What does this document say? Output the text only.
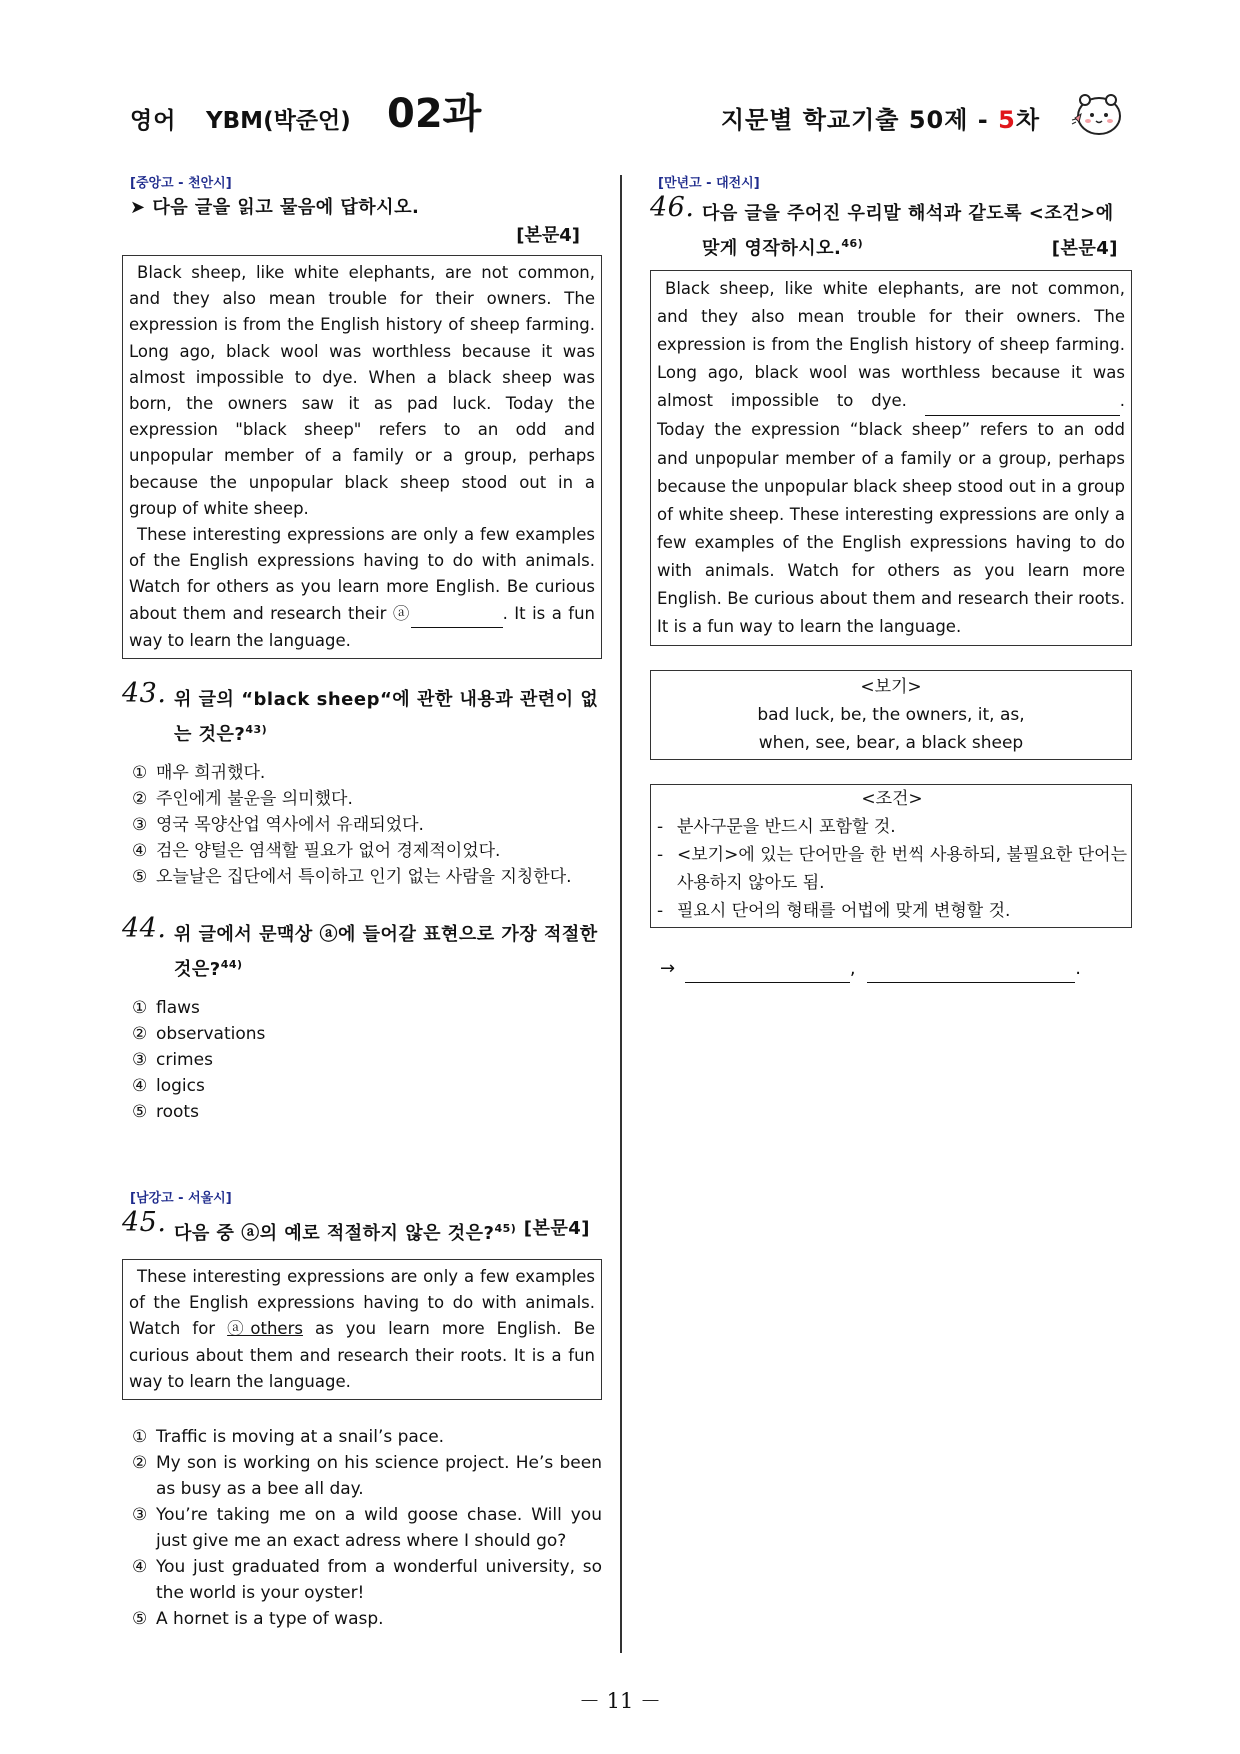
영어 YBM(박준언) 02과	지문별 학교기출 50제 - 5차

[중앙고 - 천안시]

➤ 다음 글을 읽고 물음에 답하시오.
[본문4]
Black sheep, like white elephants, are not common, and they also mean trouble for their owners. The expression is from the English history of sheep farming. Long ago, black wool was worthless because it was almost impossible to dye. When a black sheep was born, the owners saw it as pad luck. Today the expression "black sheep" refers to an odd and unpopular member of a family or a group, perhaps because the unpopular black sheep stood out in a group of white sheep.
These interesting expressions are only a few examples of the English expressions having to do with animals. Watch for others as you learn more English. Be curious about them and research their ⓐ	. It is a fun way to learn the language.
43. 위 글의 “black sheep“에 관한 내용과 관련이 없는 것은?$^{43)}$
① 매우 희귀했다.
② 주인에게 불운을 의미했다.
③ 영국 목양산업 역사에서 유래되었다.
④ 검은 양털은 염색할 필요가 없어 경제적이었다.
⑤ 오늘날은 집단에서 특이하고 인기 없는 사람을 지칭한다.
44. 위 글에서 문맥상 ⓐ에 들어갈 표현으로 가장 적절한 것은?$^{44)}$
① flaws
② observations
③ crimes
④ logics
⑤ roots

[남강고 - 서울시]

45. 다음 중 ⓐ의 예로 적절하지 않은 것은?$^{45)}$ [본문4]
These interesting expressions are only a few examples of the English expressions having to do with animals. Watch for ⓐothers as you learn more English. Be curious about them and research their roots. It is a fun way to learn the language.
① Traffic is moving at a snail’s pace.
② My son is working on his science project. He’s been as busy as a bee all day.
③ You’re taking me on a wild goose chase. Will you just give me an exact adress where I should go?
④ You just graduated from a wonderful university, so the world is your oyster!
⑤ A hornet is a type of wasp.

[만년고 - 대전시]

46. 다음 글을 주어진 우리말 해석과 같도록 <조건>에 맞게 영작하시오.$^{46)}$	[본문4]
Black sheep, like white elephants, are not common, and they also mean trouble for their owners. The expression is from the English history of sheep farming. Long ago, black wool was worthless because it was almost impossible to dye.	. Today the expression “black sheep” refers to an odd and unpopular member of a family or a group, perhaps because the unpopular black sheep stood out in a group of white sheep. These interesting expressions are only a few examples of the English expressions having to do with animals. Watch for others as you learn more English. Be curious about them and research their roots. It is a fun way to learn the language.
<보기>
bad luck, be, the owners, it, as,
when, see, bear, a black sheep
<조건>
- 분사구문을 반드시 포함할 것.
- <보기>에 있는 단어만을 한 번씩 사용하되, 불필요한 단어는 사용하지 않아도 됨.
- 필요시 단어의 형태를 어법에 맞게 변형할 것.
→	,	.
－ 11 －
